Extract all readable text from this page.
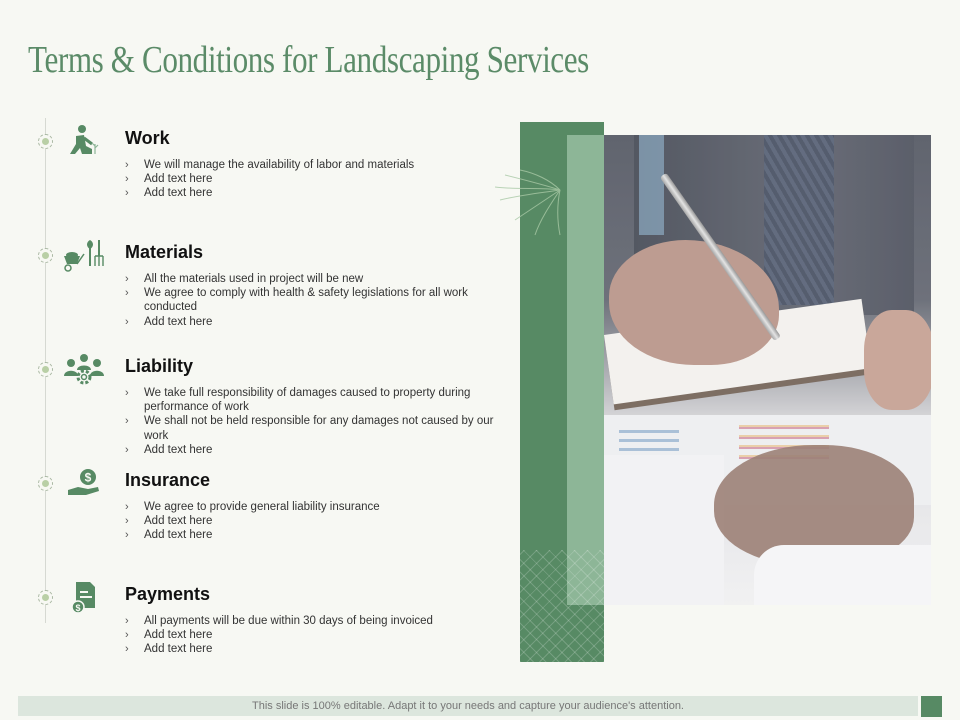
Terms & Conditions for Landscaping Services
Work
› We will manage the availability of labor and materials
› Add text here
› Add text here
Materials
› All the materials used in project will be new
› We agree to comply with health & safety legislations for all work conducted
› Add text here
Liability
› We take full responsibility of damages caused to property during performance of work
› We shall not be held responsible for any damages not caused by our work
› Add text here
$ Insurance
› We agree to provide general liability insurance
› Add text here
› Add text here
$
Payments
› All payments will be due within 30 days of being invoiced
› Add text here
› Add text here
This slide is 100% editable. Adapt it to your needs and capture your audience's attention.
